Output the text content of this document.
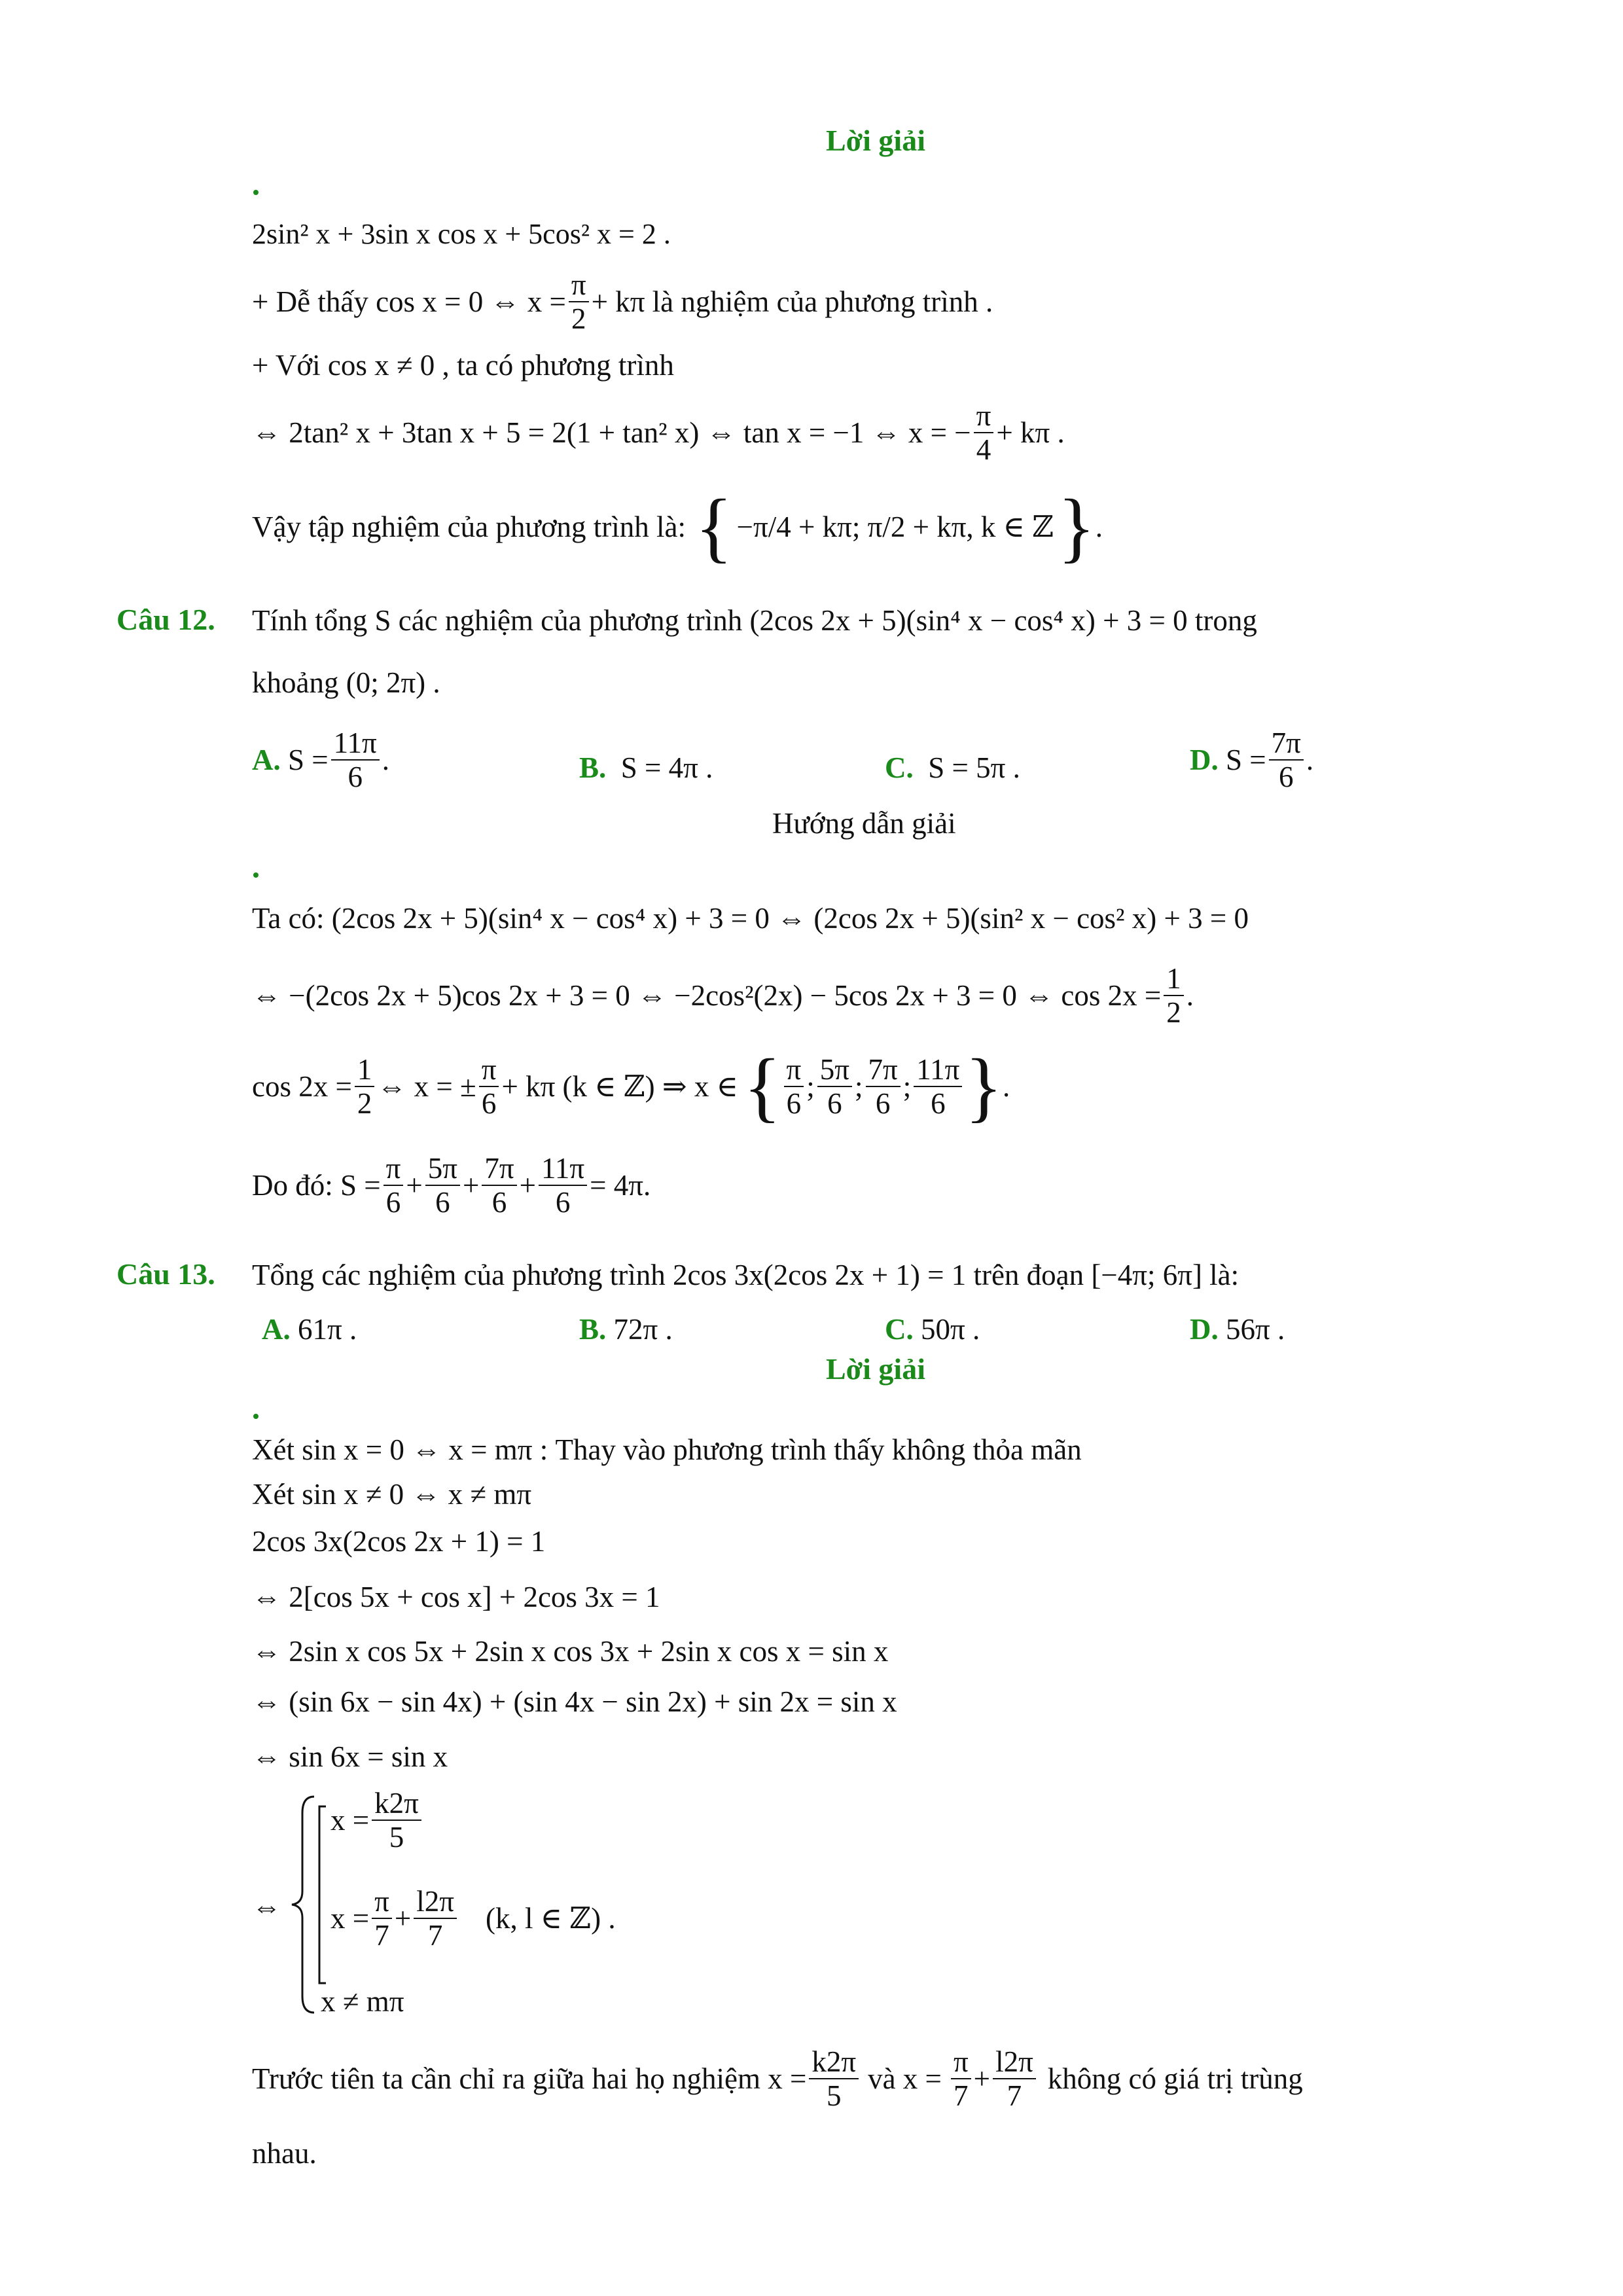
Lời giải
2sin² x + 3sin x cos x + 5cos² x = 2 .
+ Dễ thấy cos x = 0 ⇔ $x = \frac{\pi}{2} + k\pi$ là nghiệm của phương trình .
+ Với cos x ≠ 0 , ta có phương trình
⇔ 2tan² x + 3tan x + 5 = 2(1 + tan² x) ⇔ tan x = −1 ⇔ x = − $\frac{\pi}{4} + k\pi$ .
Vậy tập nghiệm của phương trình là: { −π/4 + kπ; π/2 + kπ, k ∈ ℤ } .
Câu 12. Tính tổng S các nghiệm của phương trình (2cos 2x + 5)(sin⁴ x − cos⁴ x) + 3 = 0 trong
khoảng (0; 2π) .
A.
$S = \frac{11\pi}{6}$ .	B. S = 4π .	C. S = 5π .	D.
$S = \frac{7\pi}{6}$ .
Hướng dẫn giải
Ta có: (2cos 2x + 5)(sin⁴ x − cos⁴ x) + 3 = 0 ⇔ (2cos 2x + 5)(sin² x − cos² x) + 3 = 0
⇔ −(2cos 2x + 5)cos 2x + 3 = 0 ⇔ −2cos²(2x) − 5cos 2x + 3 = 0 ⇔ $\cos 2x = \frac{1}{2}$ .
$\cos 2x = \frac{1}{2}$ ⇔ x = ± $\frac{\pi}{6} + k\pi$ (k ∈ ℤ) ⇒ x ∈ { $\frac{\pi}{6}$ ; $\frac{5\pi}{6}$ ; $\frac{7\pi}{6}$ ; $\frac{11\pi}{6}$ } .
Do đó: $S = \frac{\pi}{6} + \frac{5\pi}{6} + \frac{7\pi}{6} + \frac{11\pi}{6} = 4\pi$.
Câu 13. Tổng các nghiệm của phương trình 2cos 3x(2cos 2x + 1) = 1 trên đoạn [−4π; 6π] là:
A. 61π .	B. 72π .	C. 50π .	D. 56π .
Lời giải
Xét sin x = 0 ⇔ x = mπ : Thay vào phương trình thấy không thỏa mãn
Xét sin x ≠ 0 ⇔ x ≠ mπ
2cos 3x(2cos 2x + 1) = 1
⇔ 2[cos 5x + cos x] + 2cos 3x = 1
⇔ 2sin x cos 5x + 2sin x cos 3x + 2sin x cos x = sin x
⇔ (sin 6x − sin 4x) + (sin 4x − sin 2x) + sin 2x = sin x
⇔ sin 6x = sin x
⇔
$x = \frac{k2\pi}{5}$
$x = \frac{\pi}{7} + \frac{l2\pi}{7} (k$, l ∈ ℤ) .
x ≠ mπ
Trước tiên ta cần chỉ ra giữa hai họ nghiệm $x = \frac{k2\pi}{5}$ và $x = \frac{\pi}{7} + \frac{l2\pi}{7}$ không có giá trị trùng
nhau.
